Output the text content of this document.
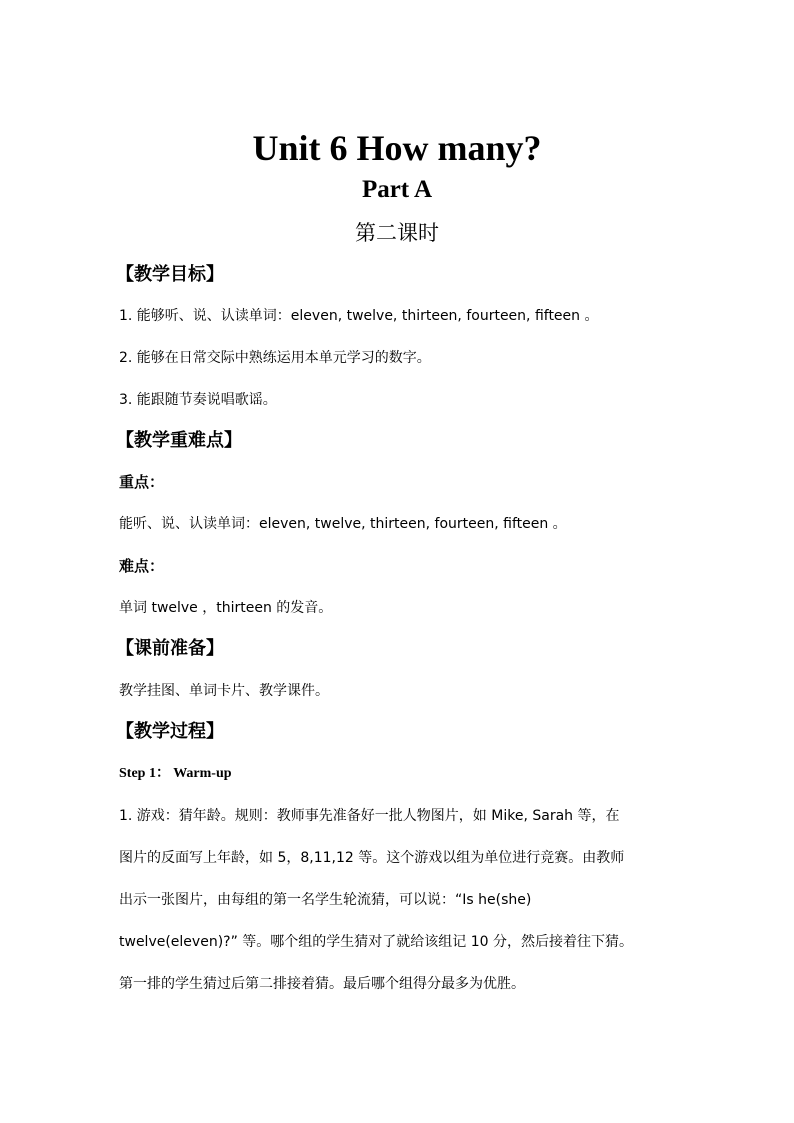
Unit 6 How many?
Part A
第二课时
【教学目标】
1. 能够听、说、认读单词：eleven, twelve, thirteen, fourteen, fifteen 。
2. 能够在日常交际中熟练运用本单元学习的数字。
3. 能跟随节奏说唱歌谣。
【教学重难点】
重点：
能听、说、认读单词：eleven, twelve, thirteen, fourteen, fifteen 。
难点：
单词 twelve ，thirteen 的发音。
【课前准备】
教学挂图、单词卡片、教学课件。
【教学过程】
Step 1： Warm-up
1. 游戏：猜年龄。规则：教师事先准备好一批人物图片，如 Mike, Sarah 等，在
图片的反面写上年龄，如 5，8,11,12 等。这个游戏以组为单位进行竞赛。由教师
出示一张图片，由每组的第一名学生轮流猜，可以说：“Is he(she)
twelve(eleven)?” 等。哪个组的学生猜对了就给该组记 10 分，然后接着往下猜。
第一排的学生猜过后第二排接着猜。最后哪个组得分最多为优胜。
